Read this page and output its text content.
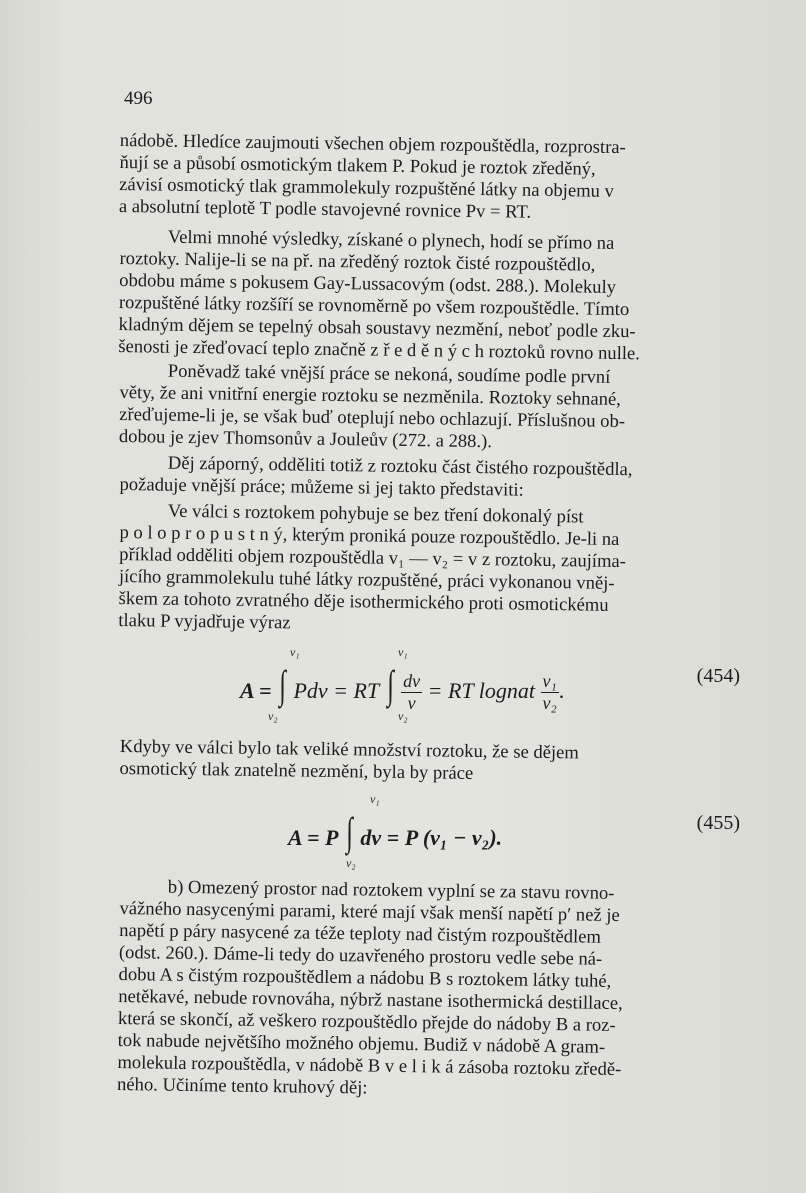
496
nádobě. Hledíce zaujmouti všechen objem rozpouštědla, rozprostra-
ňují se a působí osmotickým tlakem P. Pokud je roztok zředěný,
závisí osmotický tlak grammolekuly rozpuštěné látky na objemu v
a absolutní teplotě T podle stavojevné rovnice Pv = RT.
Velmi mnohé výsledky, získané o plynech, hodí se přímo na
roztoky. Nalije-li se na př. na zředěný roztok čisté rozpouštědlo,
obdobu máme s pokusem Gay-Lussacovým (odst. 288.). Molekuly
rozpuštěné látky rozšíří se rovnoměrně po všem rozpouštědle. Tímto
kladným dějem se tepelný obsah soustavy nezmění, neboť podle zku-
šenosti je zřeďovací teplo značně z ř e d ě n ý c h roztoků rovno nulle.
Poněvadž také vnější práce se nekoná, soudíme podle první
věty, že ani vnitřní energie roztoku se nezměnila. Roztoky sehnané,
zřeďujeme-li je, se však buď oteplují nebo ochlazují. Příslušnou ob-
dobou je zjev Thomsonův a Jouleův (272. a 288.).
Děj záporný, odděliti totiž z roztoku část čistého rozpouštědla,
požaduje vnější práce; můžeme si jej takto představiti:
Ve válci s roztokem pohybuje se bez tření dokonalý píst
p o l o p r o p u s t n ý, kterým proniká pouze rozpouštědlo. Je-li na
příklad odděliti objem rozpouštědla v₁ — v₂ = v z roztoku, zaujíma-
jícího grammolekulu tuhé látky rozpuštěné, práci vykonanou vněj-
škem za tohoto zvratného děje isothermického proti osmotickému
tlaku P vyjadřuje výraz
A = ∫ Pdv = RT ∫ $\frac{dv}{v}$ = RT lognat $\frac{\text{v₁}}{\text{v₂}}$ .
v₁
v₂
v₁
v₂
(454)
Kdyby ve válci bylo tak veliké množství roztoku, že se dějem
osmotický tlak znatelně nezmění, byla by práce
A = P ∫ dv = P (v₁ − v₂).
v₁
v₂
(455)
b) Omezený prostor nad roztokem vyplní se za stavu rovno-
vážného nasycenými parami, které mají však menší napětí p′ než je
napětí p páry nasycené za téže teploty nad čistým rozpouštědlem
(odst. 260.). Dáme-li tedy do uzavřeného prostoru vedle sebe ná-
dobu A s čistým rozpouštědlem a nádobu B s roztokem látky tuhé,
netěkavé, nebude rovnováha, nýbrž nastane isothermická destillace,
která se skončí, až veškero rozpouštědlo přejde do nádoby B a roz-
tok nabude největšího možného objemu. Budiž v nádobě A gram-
molekula rozpouštědla, v nádobě B v e l i k á zásoba roztoku zředě-
ného. Učiníme tento kruhový děj:
